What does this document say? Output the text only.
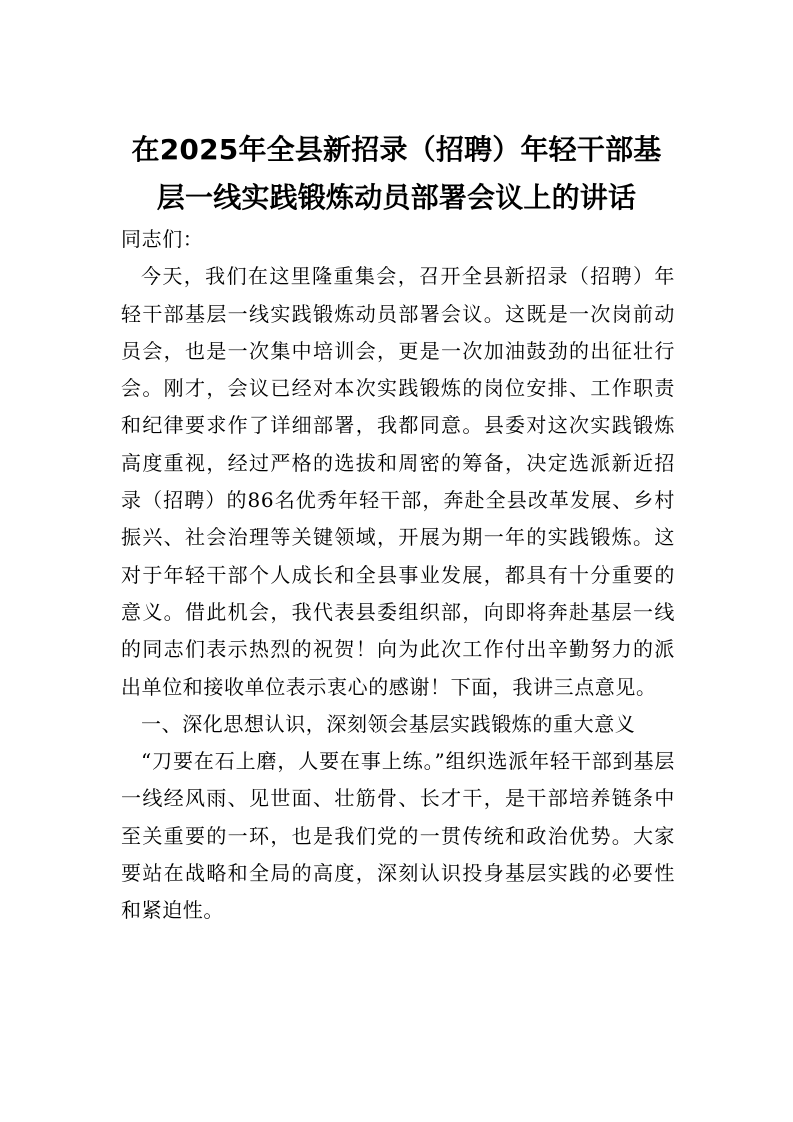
在2025年全县新招录（招聘）年轻干部基
层一线实践锻炼动员部署会议上的讲话

同志们：

今天，我们在这里隆重集会，召开全县新招录（招聘）年轻干部基层一线实践锻炼动员部署会议。这既是一次岗前动员会，也是一次集中培训会，更是一次加油鼓劲的出征壮行会。刚才，会议已经对本次实践锻炼的岗位安排、工作职责和纪律要求作了详细部署，我都同意。县委对这次实践锻炼高度重视，经过严格的选拔和周密的筹备，决定选派新近招录（招聘）的86名优秀年轻干部，奔赴全县改革发展、乡村振兴、社会治理等关键领域，开展为期一年的实践锻炼。这对于年轻干部个人成长和全县事业发展，都具有十分重要的意义。借此机会，我代表县委组织部，向即将奔赴基层一线的同志们表示热烈的祝贺！向为此次工作付出辛勤努力的派出单位和接收单位表示衷心的感谢！下面，我讲三点意见。

一、深化思想认识，深刻领会基层实践锻炼的重大意义

“刀要在石上磨，人要在事上练。”组织选派年轻干部到基层一线经风雨、见世面、壮筋骨、长才干，是干部培养链条中至关重要的一环，也是我们党的一贯传统和政治优势。大家要站在战略和全局的高度，深刻认识投身基层实践的必要性和紧迫性。
